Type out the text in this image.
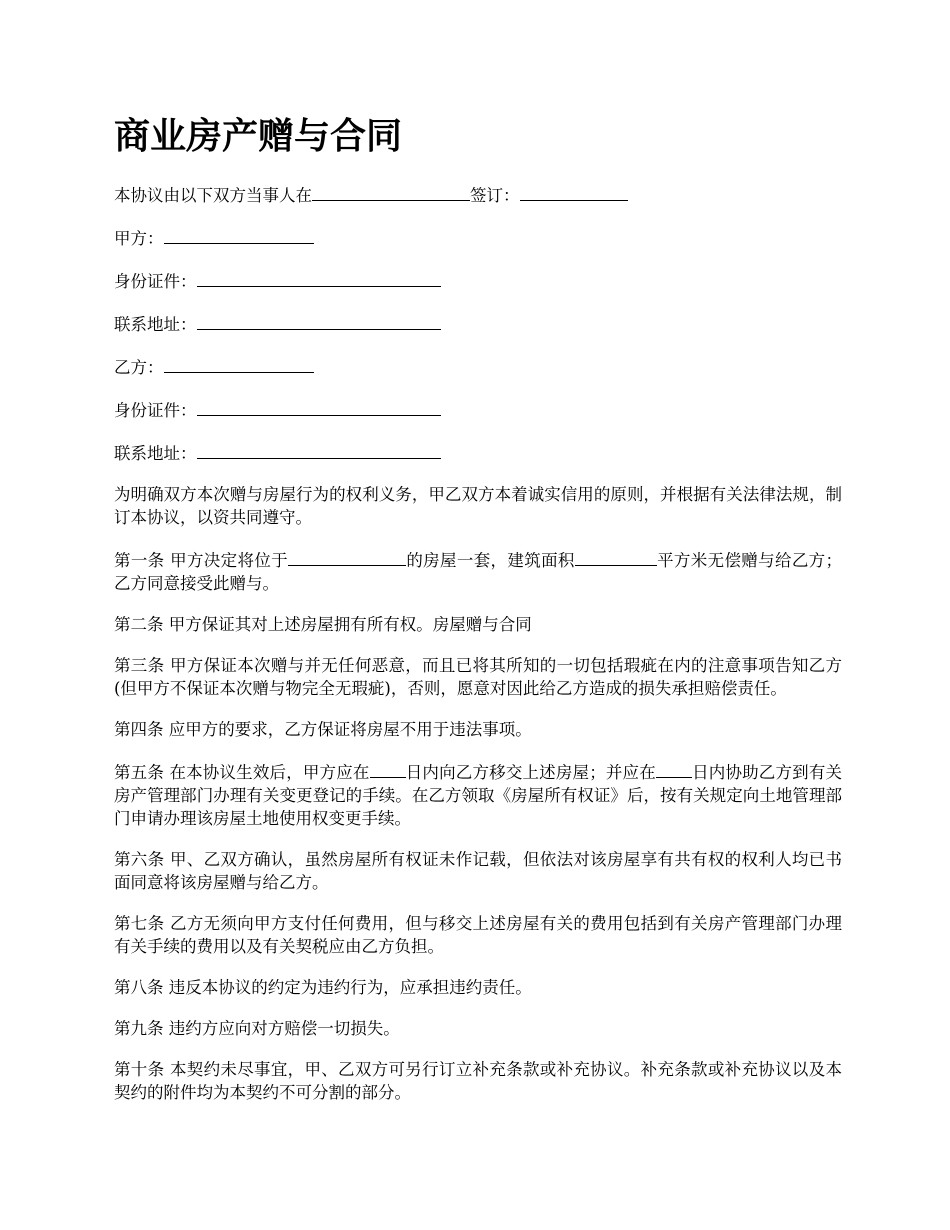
商业房产赠与合同
本协议由以下双方当事人在	签订：
甲方：
身份证件：
联系地址：
乙方：
身份证件：
联系地址：
为明确双方本次赠与房屋行为的权利义务，甲乙双方本着诚实信用的原则，并根据有关法律法规，制订本协议，以资共同遵守。
第一条 甲方决定将位于	的房屋一套，建筑面积	平方米无偿赠与给乙方；乙方同意接受此赠与。
第二条 甲方保证其对上述房屋拥有所有权。房屋赠与合同
第三条 甲方保证本次赠与并无任何恶意，而且已将其所知的一切包括瑕疵在内的注意事项告知乙方(但甲方不保证本次赠与物完全无瑕疵)，否则，愿意对因此给乙方造成的损失承担赔偿责任。
第四条 应甲方的要求，乙方保证将房屋不用于违法事项。
第五条 在本协议生效后，甲方应在 日内向乙方移交上述房屋；并应在 日内协助乙方到有关房产管理部门办理有关变更登记的手续。在乙方领取《房屋所有权证》后，按有关规定向土地管理部门申请办理该房屋土地使用权变更手续。
第六条 甲、乙双方确认，虽然房屋所有权证未作记载，但依法对该房屋享有共有权的权利人均已书面同意将该房屋赠与给乙方。
第七条 乙方无须向甲方支付任何费用，但与移交上述房屋有关的费用包括到有关房产管理部门办理有关手续的费用以及有关契税应由乙方负担。
第八条 违反本协议的约定为违约行为，应承担违约责任。
第九条 违约方应向对方赔偿一切损失。
第十条 本契约未尽事宜，甲、乙双方可另行订立补充条款或补充协议。补充条款或补充协议以及本契约的附件均为本契约不可分割的部分。
